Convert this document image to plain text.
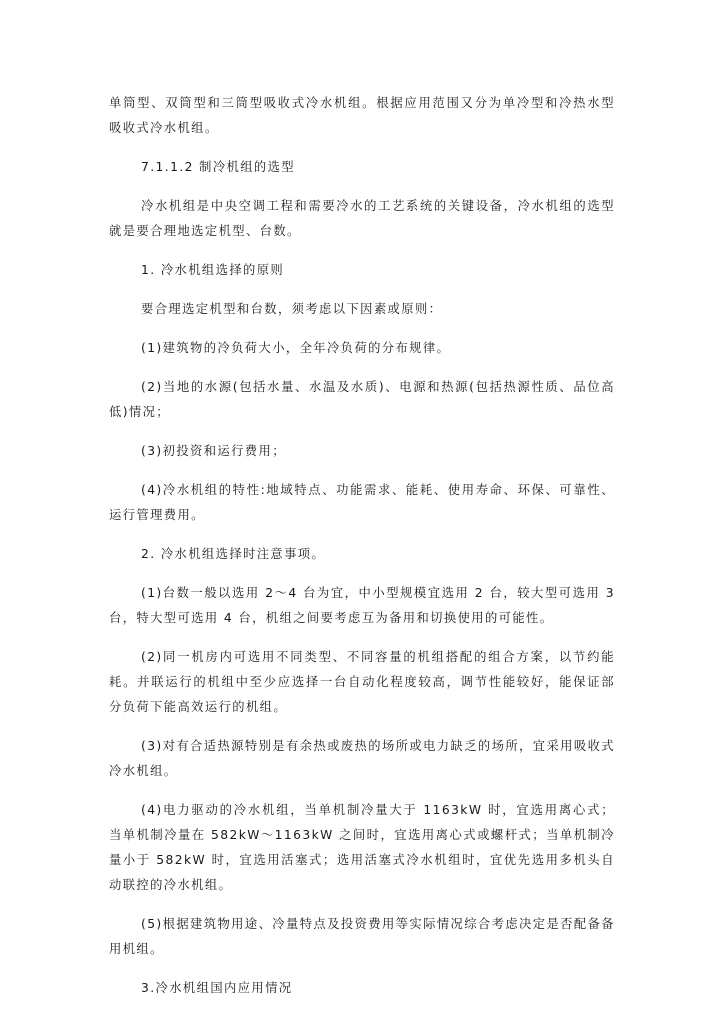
单筒型、双筒型和三筒型吸收式冷水机组。根据应用范围又分为单冷型和冷热水型吸收式冷水机组。

7.1.1.2 制冷机组的选型

冷水机组是中央空调工程和需要冷水的工艺系统的关键设备，冷水机组的选型就是要合理地选定机型、台数。

1. 冷水机组选择的原则

要合理选定机型和台数，须考虑以下因素或原则：

(1)建筑物的冷负荷大小，全年冷负荷的分布规律。

(2)当地的水源(包括水量、水温及水质)、电源和热源(包括热源性质、品位高低)情况；

(3)初投资和运行费用；

(4)冷水机组的特性:地域特点、功能需求、能耗、使用寿命、环保、可靠性、运行管理费用。

2. 冷水机组选择时注意事项。

(1)台数一般以选用 2～4 台为宜，中小型规模宜选用 2 台，较大型可选用 3 台，特大型可选用 4 台，机组之间要考虑互为备用和切换使用的可能性。

(2)同一机房内可选用不同类型、不同容量的机组搭配的组合方案，以节约能耗。并联运行的机组中至少应选择一台自动化程度较高，调节性能较好，能保证部分负荷下能高效运行的机组。

(3)对有合适热源特别是有余热或废热的场所或电力缺乏的场所，宜采用吸收式冷水机组。

(4)电力驱动的冷水机组，当单机制冷量大于 1163kW 时，宜选用离心式；当单机制冷量在 582kW～1163kW 之间时，宜选用离心式或螺杆式；当单机制冷量小于 582kW 时，宜选用活塞式；选用活塞式冷水机组时，宜优先选用多机头自动联控的冷水机组。

(5)根据建筑物用途、冷量特点及投资费用等实际情况综合考虑决定是否配备备用机组。

3.冷水机组国内应用情况
